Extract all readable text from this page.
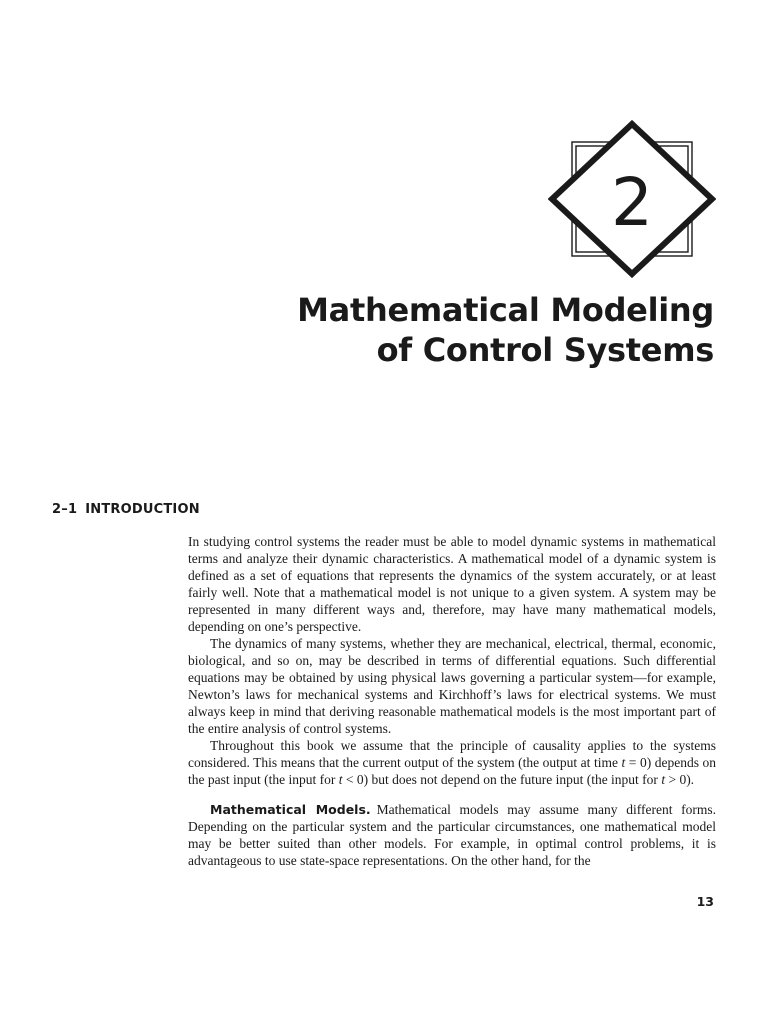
2
Mathematical Modeling
of Control Systems
2–1 INTRODUCTION

In studying control systems the reader must be able to model dynamic systems in mathematical terms and analyze their dynamic characteristics. A mathematical model of a dynamic system is defined as a set of equations that represents the dynamics of the system accurately, or at least fairly well. Note that a mathematical model is not unique to a given system. A system may be represented in many different ways and, therefore, may have many mathematical models, depending on one’s perspective.

The dynamics of many systems, whether they are mechanical, electrical, thermal, economic, biological, and so on, may be described in terms of differential equations. Such differential equations may be obtained by using physical laws governing a particular system—for example, Newton’s laws for mechanical systems and Kirchhoff’s laws for electrical systems. We must always keep in mind that deriving reasonable mathematical models is the most important part of the entire analysis of control systems.

Throughout this book we assume that the principle of causality applies to the systems considered. This means that the current output of the system (the output at time t = 0) depends on the past input (the input for t < 0) but does not depend on the future input (the input for t > 0).

Mathematical Models. Mathematical models may assume many different forms. Depending on the particular system and the particular circumstances, one mathematical model may be better suited than other models. For example, in optimal control problems, it is advantageous to use state-space representations. On the other hand, for the

13
